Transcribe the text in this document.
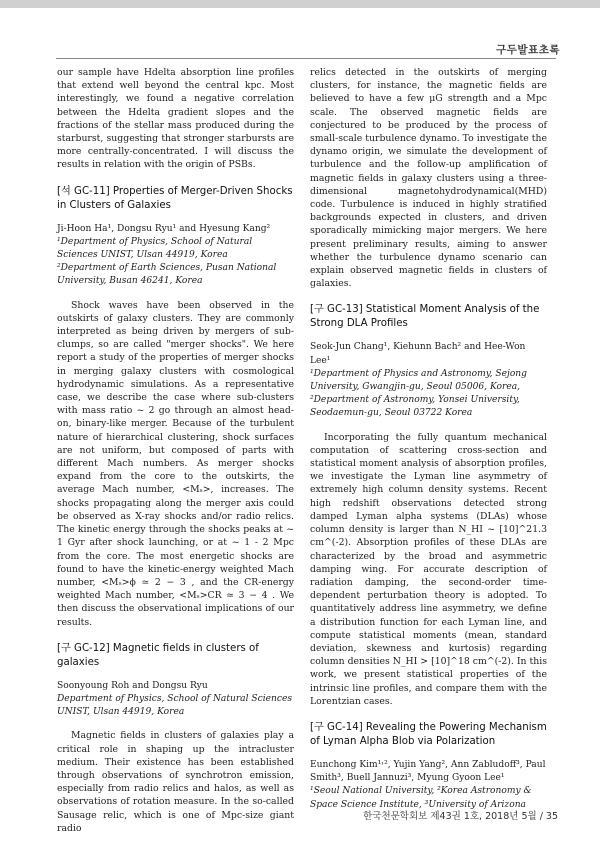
구두발표초록

our sample have Hdelta absorption line profiles that extend well beyond the central kpc. Most interestingly, we found a negative correlation between the Hdelta gradient slopes and the fractions of the stellar mass produced during the starburst, suggesting that stronger starbursts are more centrally-concentrated. I will discuss the results in relation with the origin of PSBs.

[석 GC-11] Properties of Merger-Driven Shocks in Clusters of Galaxies

Ji-Hoon Ha¹, Dongsu Ryu¹ and Hyesung Kang²

¹Department of Physics, School of Natural Sciences UNIST, Ulsan 44919, Korea

²Department of Earth Sciences, Pusan National University, Busan 46241, Korea

Shock waves have been observed in the outskirts of galaxy clusters. They are commonly interpreted as being driven by mergers of sub-clumps, so are called "merger shocks". We here report a study of the properties of merger shocks in merging galaxy clusters with cosmological hydrodynamic simulations. As a representative case, we describe the case where sub-clusters with mass ratio ~ 2 go through an almost head-on, binary-like merger. Because of the turbulent nature of hierarchical clustering, shock surfaces are not uniform, but composed of parts with different Mach numbers. As merger shocks expand from the core to the outskirts, the average Mach number, <Mₛ>, increases. The shocks propagating along the merger axis could be observed as X-ray shocks and/or radio relics. The kinetic energy through the shocks peaks at ~ 1 Gyr after shock launching, or at ~ 1 - 2 Mpc from the core. The most energetic shocks are found to have the kinetic-energy weighted Mach number, <Mₛ>ϕ ≃ 2 − 3 , and the CR-energy weighted Mach number, <Mₛ>CR ≃ 3 − 4 . We then discuss the observational implications of our results.

[구 GC-12] Magnetic fields in clusters of galaxies

Soonyoung Roh and Dongsu Ryu

Department of Physics, School of Natural Sciences UNIST, Ulsan 44919, Korea

Magnetic fields in clusters of galaxies play a critical role in shaping up the intracluster medium. Their existence has been established through observations of synchrotron emission, especially from radio relics and halos, as well as observations of rotation measure. In the so-called Sausage relic, which is one of Mpc-size giant radio

relics detected in the outskirts of merging clusters, for instance, the magnetic fields are believed to have a few μG strength and a Mpc scale. The observed magnetic fields are conjectured to be produced by the process of small-scale turbulence dynamo. To investigate the dynamo origin, we simulate the development of turbulence and the follow-up amplification of magnetic fields in galaxy clusters using a three-dimensional magnetohydrodynamical(MHD) code. Turbulence is induced in highly stratified backgrounds expected in clusters, and driven sporadically mimicking major mergers. We here present preliminary results, aiming to answer whether the turbulence dynamo scenario can explain observed magnetic fields in clusters of galaxies.

[구 GC-13] Statistical Moment Analysis of the Strong DLA Profiles

Seok-Jun Chang¹, Kiehunn Bach² and Hee-Won Lee¹

¹Department of Physics and Astronomy, Sejong University, Gwangjin-gu, Seoul 05006, Korea,

²Department of Astronomy, Yonsei University, Seodaemun-gu, Seoul 03722 Korea

Incorporating the fully quantum mechanical computation of scattering cross-section and statistical moment analysis of absorption profiles, we investigate the Lyman line asymmetry of extremely high column density systems. Recent high redshift observations detected strong damped Lyman alpha systems (DLAs) whose column density is larger than N_HI ~ [10]^21.3 cm^(-2). Absorption profiles of these DLAs are characterized by the broad and asymmetric damping wing. For accurate description of radiation damping, the second-order time-dependent perturbation theory is adopted. To quantitatively address line asymmetry, we define a distribution function for each Lyman line, and compute statistical moments (mean, standard deviation, skewness and kurtosis) regarding column densities N_HI > [10]^18 cm^(-2). In this work, we present statistical properties of the intrinsic line profiles, and compare them with the Lorentzian cases.

[구 GC-14] Revealing the Powering Mechanism of Lyman Alpha Blob via Polarization

Eunchong Kim¹˒², Yujin Yang², Ann Zabludoff³, Paul Smith³, Buell Jannuzi³, Myung Gyoon Lee¹

¹Seoul National University, ²Korea Astronomy & Space Science Institute, ³University of Arizona

한국천문학회보 제43권 1호, 2018년 5월 / 35
